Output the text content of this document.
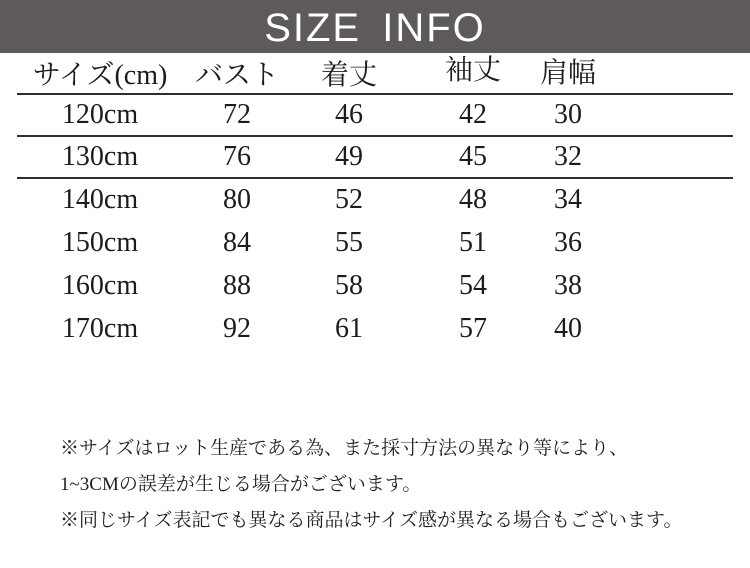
SIZE INFO
サイズ(cm)	バスト	着丈	袖丈	肩幅	
120cm	72	46	42	30	
130cm	76	49	45	32	
140cm	80	52	48	34	
150cm	84	55	51	36	
160cm	88	58	54	38	
170cm	92	61	57	40	
※サイズはロット生産である為、また採寸方法の異なり等により、
1~3CMの誤差が生じる場合がございます。
※同じサイズ表記でも異なる商品はサイズ感が異なる場合もございます。
